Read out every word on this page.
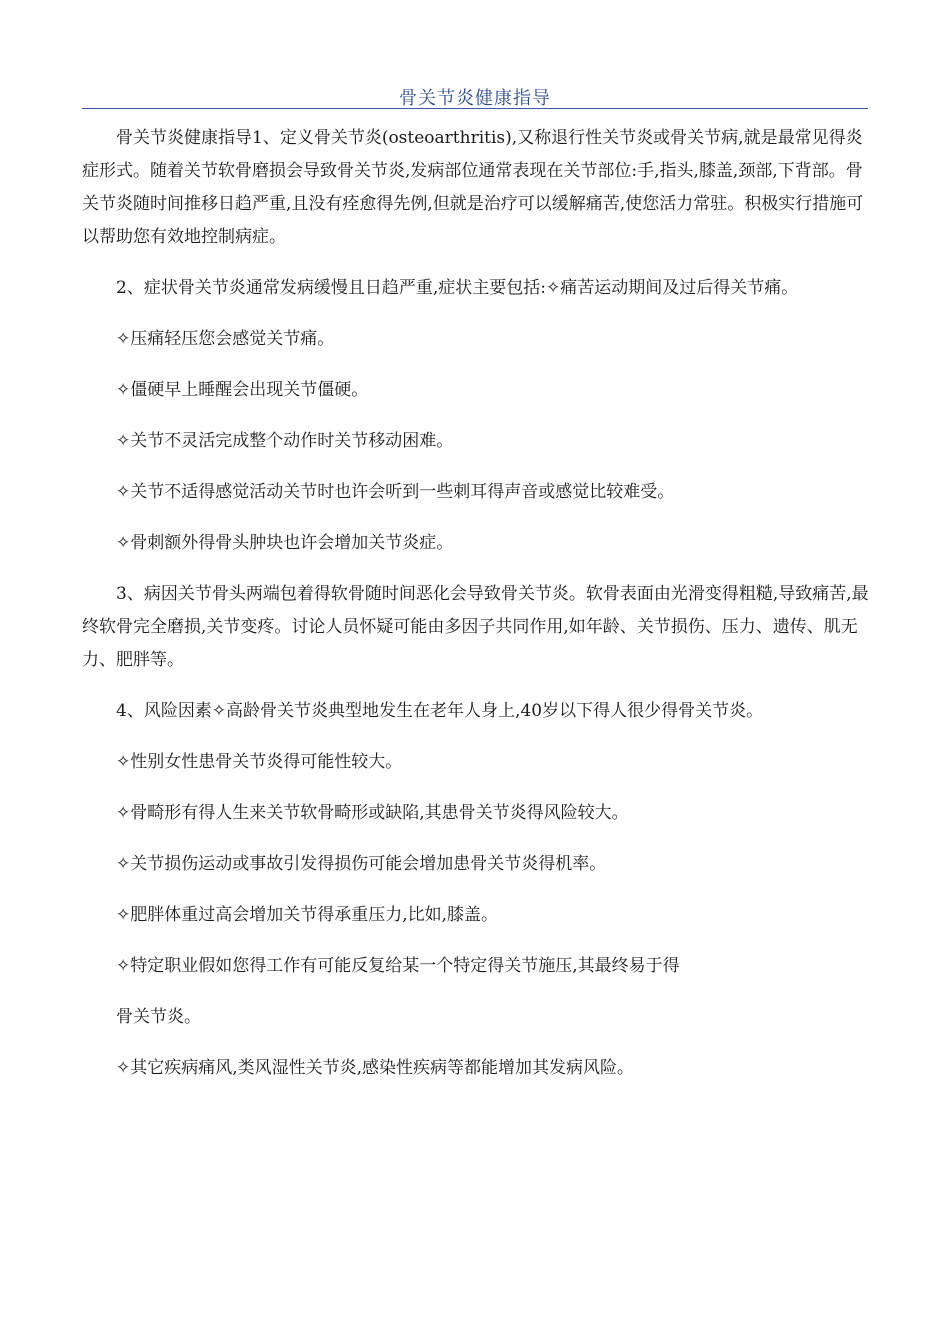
骨关节炎健康指导

骨关节炎健康指导1、定义骨关节炎(osteoarthritis),又称退行性关节炎或骨关节病,就是最常见得炎症形式。随着关节软骨磨损会导致骨关节炎,发病部位通常表现在关节部位:手,指头,膝盖,颈部,下背部。骨关节炎随时间推移日趋严重,且没有痊愈得先例,但就是治疗可以缓解痛苦,使您活力常驻。积极实行措施可以帮助您有效地控制病症。

2、症状骨关节炎通常发病缓慢且日趋严重,症状主要包括:✧痛苦运动期间及过后得关节痛。

✧压痛轻压您会感觉关节痛。

✧僵硬早上睡醒会出现关节僵硬。

✧关节不灵活完成整个动作时关节移动困难。

✧关节不适得感觉活动关节时也许会听到一些刺耳得声音或感觉比较难受。

✧骨刺额外得骨头肿块也许会增加关节炎症。

3、病因关节骨头两端包着得软骨随时间恶化会导致骨关节炎。软骨表面由光滑变得粗糙,导致痛苦,最终软骨完全磨损,关节变疼。讨论人员怀疑可能由多因子共同作用,如年龄、关节损伤、压力、遗传、肌无力、肥胖等。

4、风险因素✧高龄骨关节炎典型地发生在老年人身上,40岁以下得人很少得骨关节炎。

✧性别女性患骨关节炎得可能性较大。

✧骨畸形有得人生来关节软骨畸形或缺陷,其患骨关节炎得风险较大。

✧关节损伤运动或事故引发得损伤可能会增加患骨关节炎得机率。

✧肥胖体重过高会增加关节得承重压力,比如,膝盖。

✧特定职业假如您得工作有可能反复给某一个特定得关节施压,其最终易于得

骨关节炎。

✧其它疾病痛风,类风湿性关节炎,感染性疾病等都能增加其发病风险。
